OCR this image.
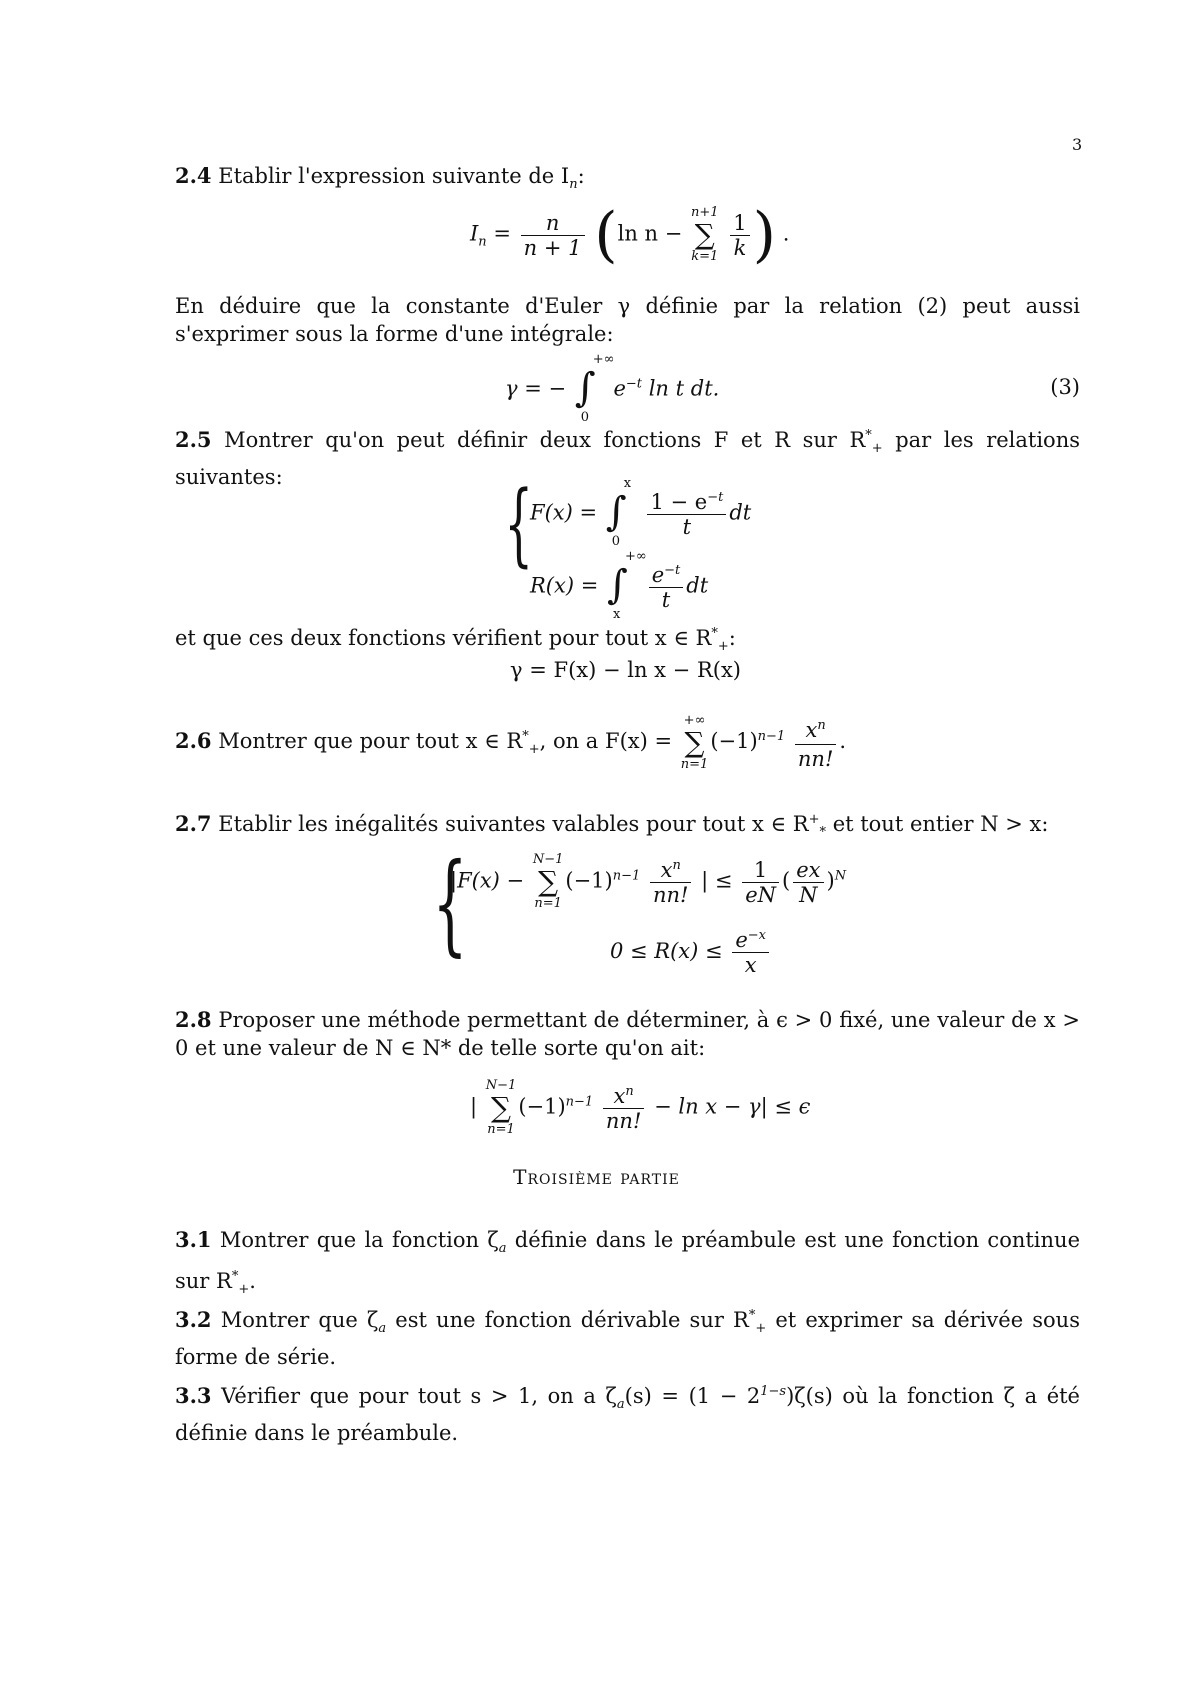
3
2.4 Etablir l'expression suivante de $I_n$:
$I_n = \frac{n}{n + 1} (\ln$ n − n+1
∑
$k=1 \frac{1}{k}$ ) .
En déduire que la constante d'Euler γ définie par la relation (2) peut aussi s'exprimer sous la forme d'une intégrale:
γ = − ∫
+∞
0
$e^{-t}$ ln t dt.	(3)
2.5 Montrer qu'on peut définir deux fonctions F et R sur $R^*_+$ par les relations suivantes:	{
F(x) = ∫
x
0

$\frac{1 - e^{-t}}{t}$ dt
R(x) = ∫
+∞
x

$\frac{e^{-t}}{t}$ dt
et que ces deux fonctions vérifient pour tout x ∈ $R^*_+$:
γ = F(x) − ln x − R(x)
2.6 Montrer que pour tout x ∈ $R^*_+$, on a F(x) = +∞
∑
$n=1(-1)^{n-1} \frac{x^n}{nn!}$ .
2.7 Etablir les inégalités suivantes valables pour tout x ∈ $R^+_*$ et tout entier N > x:
{
|F(x) − N−1
∑
$n=1(-1)^{n-1} \frac{x^n}{nn!}$ | ≤ $\frac{1}{eN}$ ( $\frac{ex}{N} )^N$
$0 \le R(x) \le \frac{e^{-x}}{x}$
2.8 Proposer une méthode permettant de déterminer, à ϵ > 0 fixé, une valeur de x > 0 et une valeur de N ∈ N* de telle sorte qu'on ait:
| N−1
∑
$n=1(-1)^{n-1} \frac{x^n}{nn!} - \ln x - \gamma| \le \epsilon$
Troisième partie
3.1 Montrer que la fonction $\zeta_a$ définie dans le préambule est une fonction continue sur $R^*_+$.
3.2 Montrer que $\zeta_a$ est une fonction dérivable sur $R^*_+$ et exprimer sa dérivée sous forme de série.
3.3 Vérifier que pour tout s > 1, on a $\zeta_a(s) = (1 - 2^{1-s})\zeta(s)$ où la fonction ζ a été définie dans le préambule.
